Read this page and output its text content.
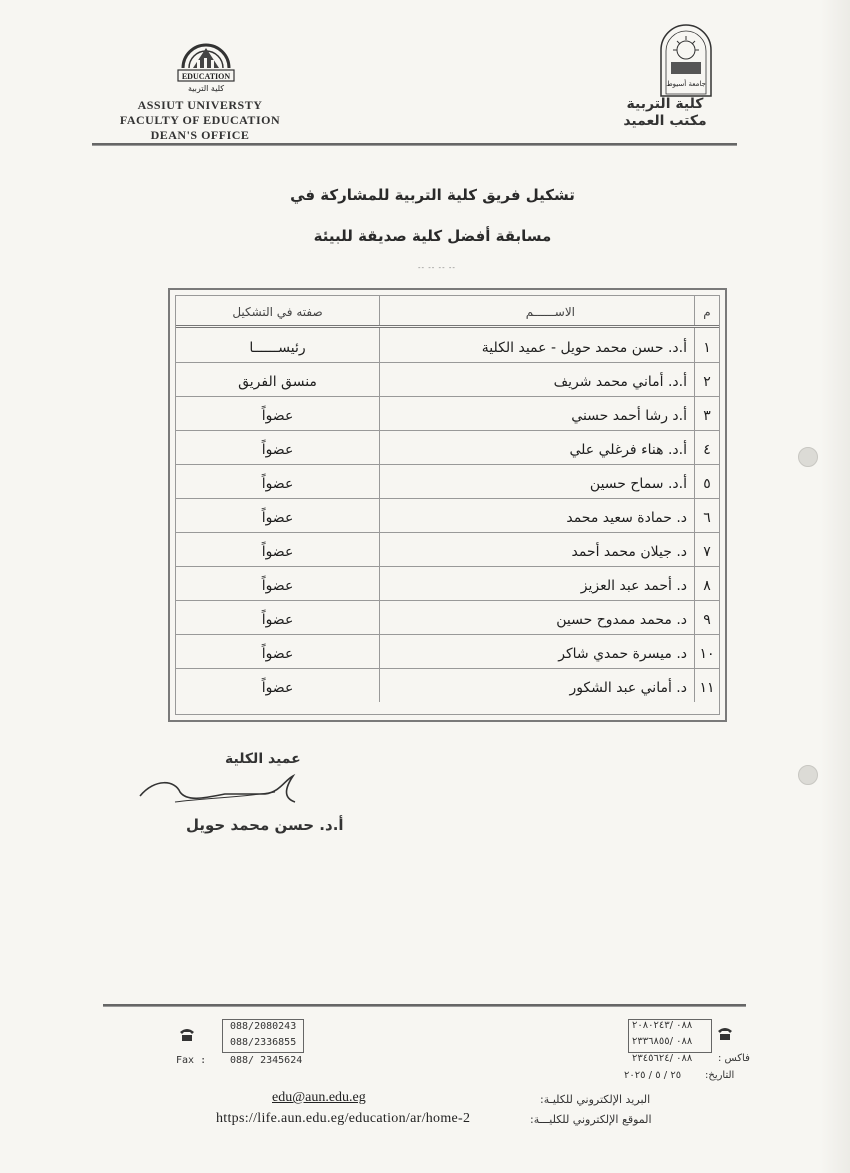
EDUCATION
كلية التربية
ASSIUT UNIVERSTY
FACULTY OF EDUCATION
DEAN'S OFFICE
جامعة أسيوط
كلية التربية
مكتب العميد
تشكيل فريق كلية التربية للمشاركة في
مسابقة أفضل كلية صديقة للبيئة
-- -- -- --
م
الاســــــم
صفته في التشكيل
١
أ.د. حسن محمد حويل - عميد الكلية
رئيســــــا
٢
أ.د. أماني محمد شريف
منسق الفريق
٣
أ.د رشا أحمد حسني
عضواً
٤
أ.د. هناء فرغلي علي
عضواً
٥
أ.د. سماح حسين
عضواً
٦
د. حمادة سعيد محمد
عضواً
٧
د. جيلان محمد أحمد
عضواً
٨
د. أحمد عبد العزيز
عضواً
٩
د. محمد ممدوح حسين
عضواً
١٠
د. ميسرة حمدي شاكر
عضواً
١١
د. أماني عبد الشكور
عضواً
عميد الكلية
أ.د. حسن محمد حويل
088/2080243
088/2336855
Fax : 088/ 2345624
٠٨٨ /٢٠٨٠٢٤٣
٠٨٨ /٢٣٣٦٨٥٥
٠٨٨ /٢٣٤٥٦٢٤	فاكس :
التاريخ:
٢٥ / ٥ / ٢٠٢٥
edu@aun.edu.eg	البريد الإلكتروني للكليـة:
https://life.aun.edu.eg/education/ar/home-2	الموقع الإلكتروني للكليـــة:
